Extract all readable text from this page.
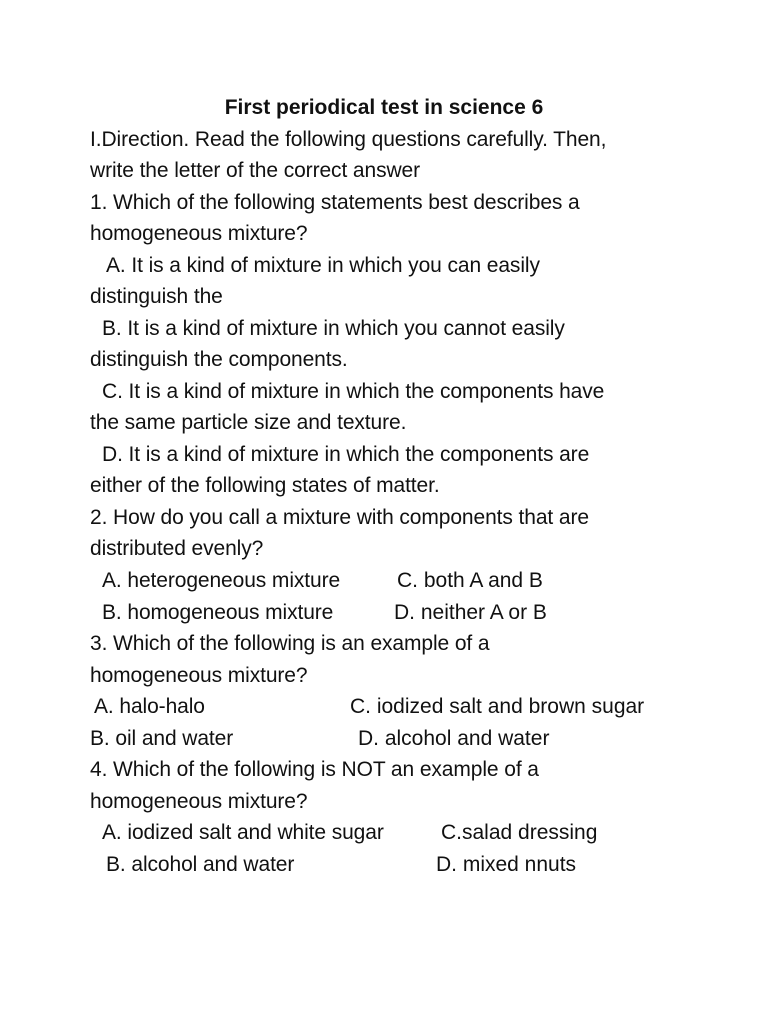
First periodical test in science 6
I.Direction. Read the following questions carefully. Then,
write the letter of the correct answer
1. Which of the following statements best describes a
homogeneous mixture?
A. It is a kind of mixture in which you can easily
distinguish the
B. It is a kind of mixture in which you cannot easily
distinguish the components.
C. It is a kind of mixture in which the components have
the same particle size and texture.
D. It is a kind of mixture in which the components are
either of the following states of matter.
2. How do you call a mixture with components that are
distributed evenly?
A. heterogeneous mixture	C. both A and B
B. homogeneous mixture	D. neither A or B
3. Which of the following is an example of a
homogeneous mixture?
A. halo-halo	C. iodized salt and brown sugar
B. oil and water	D. alcohol and water
4. Which of the following is NOT an example of a
homogeneous mixture?
A. iodized salt and white sugar	C.salad dressing
B. alcohol and water	D. mixed nnuts
